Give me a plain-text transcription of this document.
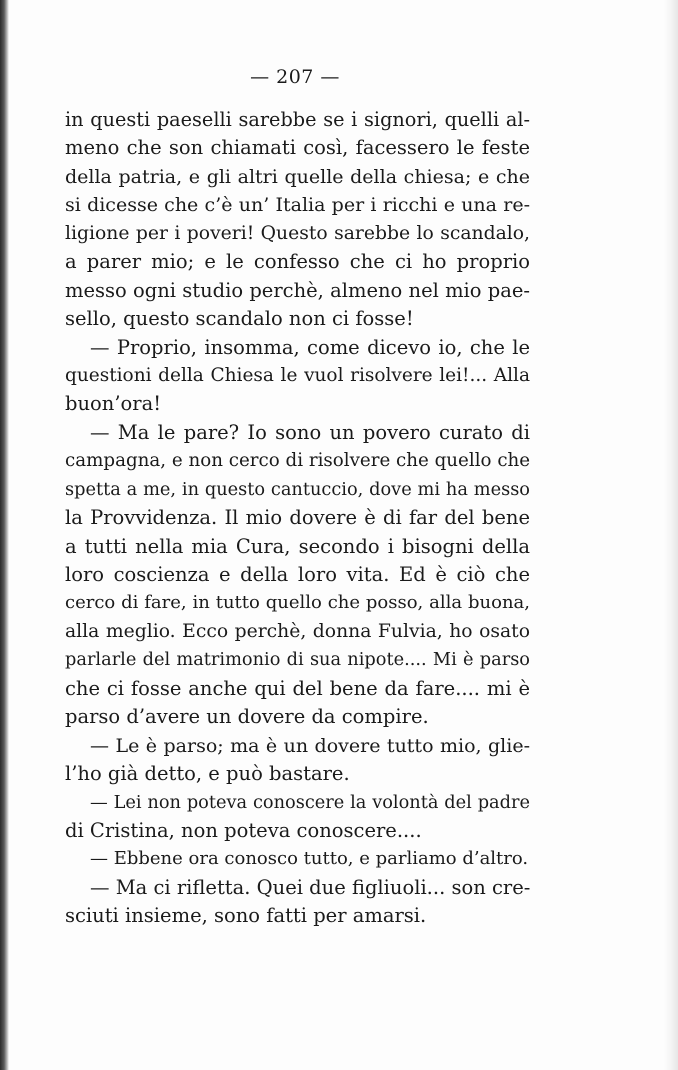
— 207 —
in questi paeselli sarebbe se i signori, quelli al-
meno che son chiamati così, facessero le feste
della patria, e gli altri quelle della chiesa; e che
si dicesse che c’è un’ Italia per i ricchi e una re-
ligione per i poveri! Questo sarebbe lo scandalo,
a parer mio; e le confesso che ci ho proprio
messo ogni studio perchè, almeno nel mio pae-
sello, questo scandalo non ci fosse!
— Proprio, insomma, come dicevo io, che le
questioni della Chiesa le vuol risolvere lei!... Alla
buon’ora!
— Ma le pare? Io sono un povero curato di
campagna, e non cerco di risolvere che quello che
spetta a me, in questo cantuccio, dove mi ha messo
la Provvidenza. Il mio dovere è di far del bene
a tutti nella mia Cura, secondo i bisogni della
loro coscienza e della loro vita. Ed è ciò che
cerco di fare, in tutto quello che posso, alla buona,
alla meglio. Ecco perchè, donna Fulvia, ho osato
parlarle del matrimonio di sua nipote.... Mi è parso
che ci fosse anche qui del bene da fare.... mi è
parso d’avere un dovere da compire.
— Le è parso; ma è un dovere tutto mio, glie-
l’ho già detto, e può bastare.
— Lei non poteva conoscere la volontà del padre
di Cristina, non poteva conoscere....
— Ebbene ora conosco tutto, e parliamo d’altro.
— Ma ci rifletta. Quei due figliuoli... son cre-
sciuti insieme, sono fatti per amarsi.
